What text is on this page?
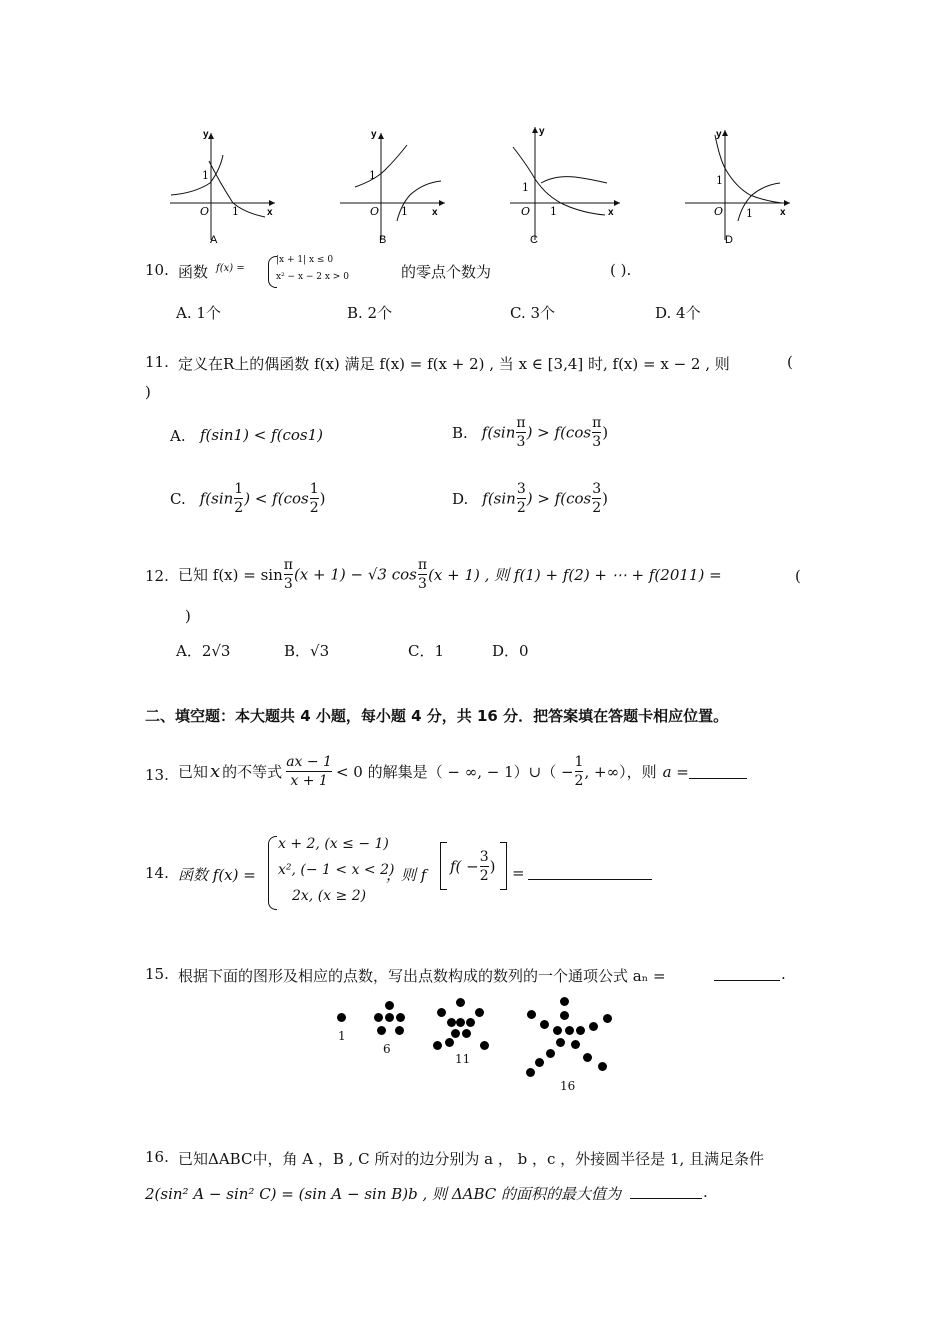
y
1
O 1	x
A
y
1
O 1 x
B
y
1
O 1	x
C
y
1
O 1	x
D
10. 函数 f(x) =
|x + 1| x ≤ 0
x² − x − 2 x > 0	的零点个数为	( ).
A. 1个	B. 2个	C. 3个	D. 4个
11. 定义在R上的偶函数 f(x) 满足 f(x) = f(x + 2) , 当 x ∈ [3,4] 时, f(x) = x − 2 , 则	(
)
A. f(sin1) < f(cos1)	B. $f(\sin \frac{\pi}{3}$ ) > $f(\cos \frac{\pi}{3}$ )
C. $f(\sin \frac{1}{2}$ ) < $f(\cos \frac{1}{2}$ )	D. $f(\sin \frac{3}{2}$ ) > $f(\cos \frac{3}{2}$ )
12. 已知 $f(x) = \sin \frac{\pi}{3} (x + 1) - √3$ $\cos \frac{\pi}{3} (x + 1)$ , 则 f(1) + f(2) + ⋯ + f(2011) =	(
)
A．2√3	B．√3	C．1	D．0
二、填空题：本大题共 4 小题，每小题 4 分，共 16 分．把答案填在答题卡相应位置。
13. 已知 x 的不等式 $\frac{ax - 1}{x + 1} < 0$ 的解集是（ − ∞, − 1）∪（ − $\frac{1}{2}$ , +∞），则 a =
14. 函数 f(x) =
x + 2, (x ≤ − 1)
x², (− 1 < x < 2)
2x, (x ≥ 2)
，则 f $f( - \frac{3}{2}$ ) =
15. 根据下面的图形及相应的点数，写出点数构成的数列的一个通项公式 aₙ =	.
1
6
11
16
16. 已知ΔABC中，角 A ，B , C 所对的边分别为 a ， b ，c ，外接圆半径是 1, 且满足条件
2(sin² A − sin² C) = (sin A − sin B)b , 则 ΔABC 的面积的最大值为	.
